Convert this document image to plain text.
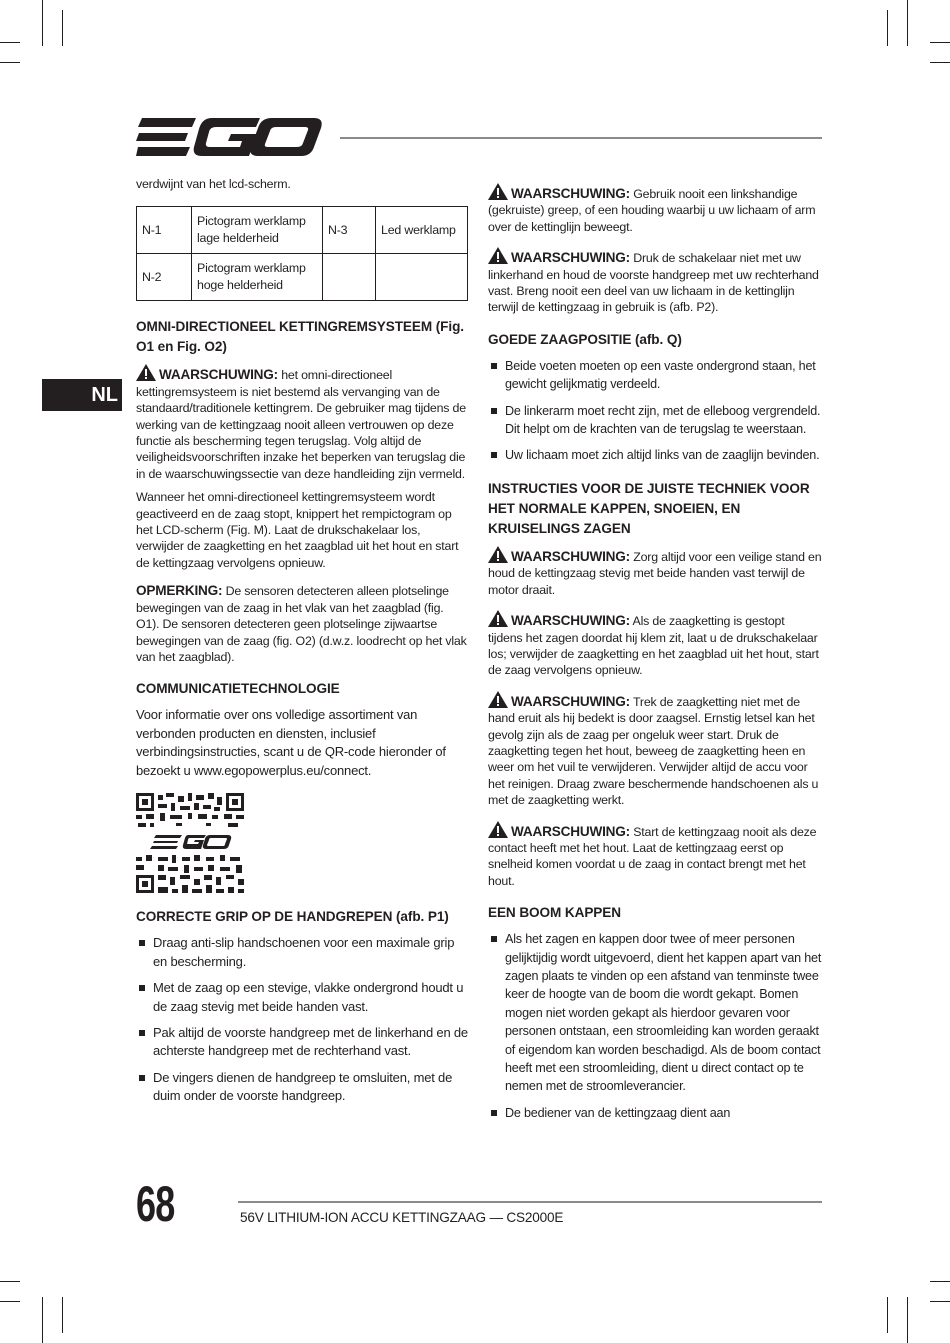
NL

verdwijnt van het lcd-scherm.

N-1	Pictogram werklamp lage helderheid	N-3	Led werklamp
N-2	Pictogram werklamp hoge helderheid		
OMNI-DIRECTIONEEL KETTINGREMSYSTEEM (Fig. O1 en Fig. O2)

WAARSCHUWING: het omni-directioneel kettingremsysteem is niet bestemd als vervanging van de standaard/traditionele kettingrem. De gebruiker mag tijdens de werking van de kettingzaag nooit alleen vertrouwen op deze functie als bescherming tegen terugslag. Volg altijd de veiligheidsvoorschriften inzake het beperken van terugslag die in de waarschuwingssectie van deze handleiding zijn vermeld.

Wanneer het omni-directioneel kettingremsysteem wordt geactiveerd en de zaag stopt, knippert het rempictogram op het LCD-scherm (Fig. M). Laat de drukschakelaar los, verwijder de zaagketting en het zaagblad uit het hout en start de kettingzaag vervolgens opnieuw.

OPMERKING: De sensoren detecteren alleen plotselinge bewegingen van de zaag in het vlak van het zaagblad (fig. O1). De sensoren detecteren geen plotselinge zijwaartse bewegingen van de zaag (fig. O2) (d.w.z. loodrecht op het vlak van het zaagblad).

COMMUNICATIETECHNOLOGIE

Voor informatie over ons volledige assortiment van verbonden producten en diensten, inclusief verbindingsinstructies, scant u de QR-code hieronder of bezoekt u www.egopowerplus.eu/connect.

CORRECTE GRIP OP DE HANDGREPEN (afb. P1)
Draag anti-slip handschoenen voor een maximale grip en bescherming.
Met de zaag op een stevige, vlakke ondergrond houdt u de zaag stevig met beide handen vast.
Pak altijd de voorste handgreep met de linkerhand en de achterste handgreep met de rechterhand vast.
De vingers dienen de handgreep te omsluiten, met de duim onder de voorste handgreep.

WAARSCHUWING: Gebruik nooit een linkshandige (gekruiste) greep, of een houding waarbij u uw lichaam of arm over de kettinglijn beweegt.

WAARSCHUWING: Druk de schakelaar niet met uw linkerhand en houd de voorste handgreep met uw rechterhand vast. Breng nooit een deel van uw lichaam in de kettinglijn terwijl de kettingzaag in gebruik is (afb. P2).

GOEDE ZAAGPOSITIE (afb. Q)
Beide voeten moeten op een vaste ondergrond staan, het gewicht gelijkmatig verdeeld.
De linkerarm moet recht zijn, met de elleboog vergrendeld. Dit helpt om de krachten van de terugslag te weerstaan.
Uw lichaam moet zich altijd links van de zaaglijn bevinden.
INSTRUCTIES VOOR DE JUISTE TECHNIEK VOOR HET NORMALE KAPPEN, SNOEIEN, EN KRUISELINGS ZAGEN

WAARSCHUWING: Zorg altijd voor een veilige stand en houd de kettingzaag stevig met beide handen vast terwijl de motor draait.

WAARSCHUWING: Als de zaagketting is gestopt tijdens het zagen doordat hij klem zit, laat u de drukschakelaar los; verwijder de zaagketting en het zaagblad uit het hout, start de zaag vervolgens opnieuw.

WAARSCHUWING: Trek de zaagketting niet met de hand eruit als hij bedekt is door zaagsel. Ernstig letsel kan het gevolg zijn als de zaag per ongeluk weer start. Druk de zaagketting tegen het hout, beweeg de zaagketting heen en weer om het vuil te verwijderen. Verwijder altijd de accu voor het reinigen. Draag zware beschermende handschoenen als u met de zaagketting werkt.

WAARSCHUWING: Start de kettingzaag nooit als deze contact heeft met het hout. Laat de kettingzaag eerst op snelheid komen voordat u de zaag in contact brengt met het hout.

EEN BOOM KAPPEN
Als het zagen en kappen door twee of meer personen gelijktijdig wordt uitgevoerd, dient het kappen apart van het zagen plaats te vinden op een afstand van tenminste twee keer de hoogte van de boom die wordt gekapt. Bomen mogen niet worden gekapt als hierdoor gevaren voor personen ontstaan, een stroomleiding kan worden geraakt of eigendom kan worden beschadigd. Als de boom contact heeft met een stroomleiding, dient u direct contact op te nemen met de stroomleverancier.
De bediener van de kettingzaag dient aan
68	56V LITHIUM-ION ACCU KETTINGZAAG — CS2000E
